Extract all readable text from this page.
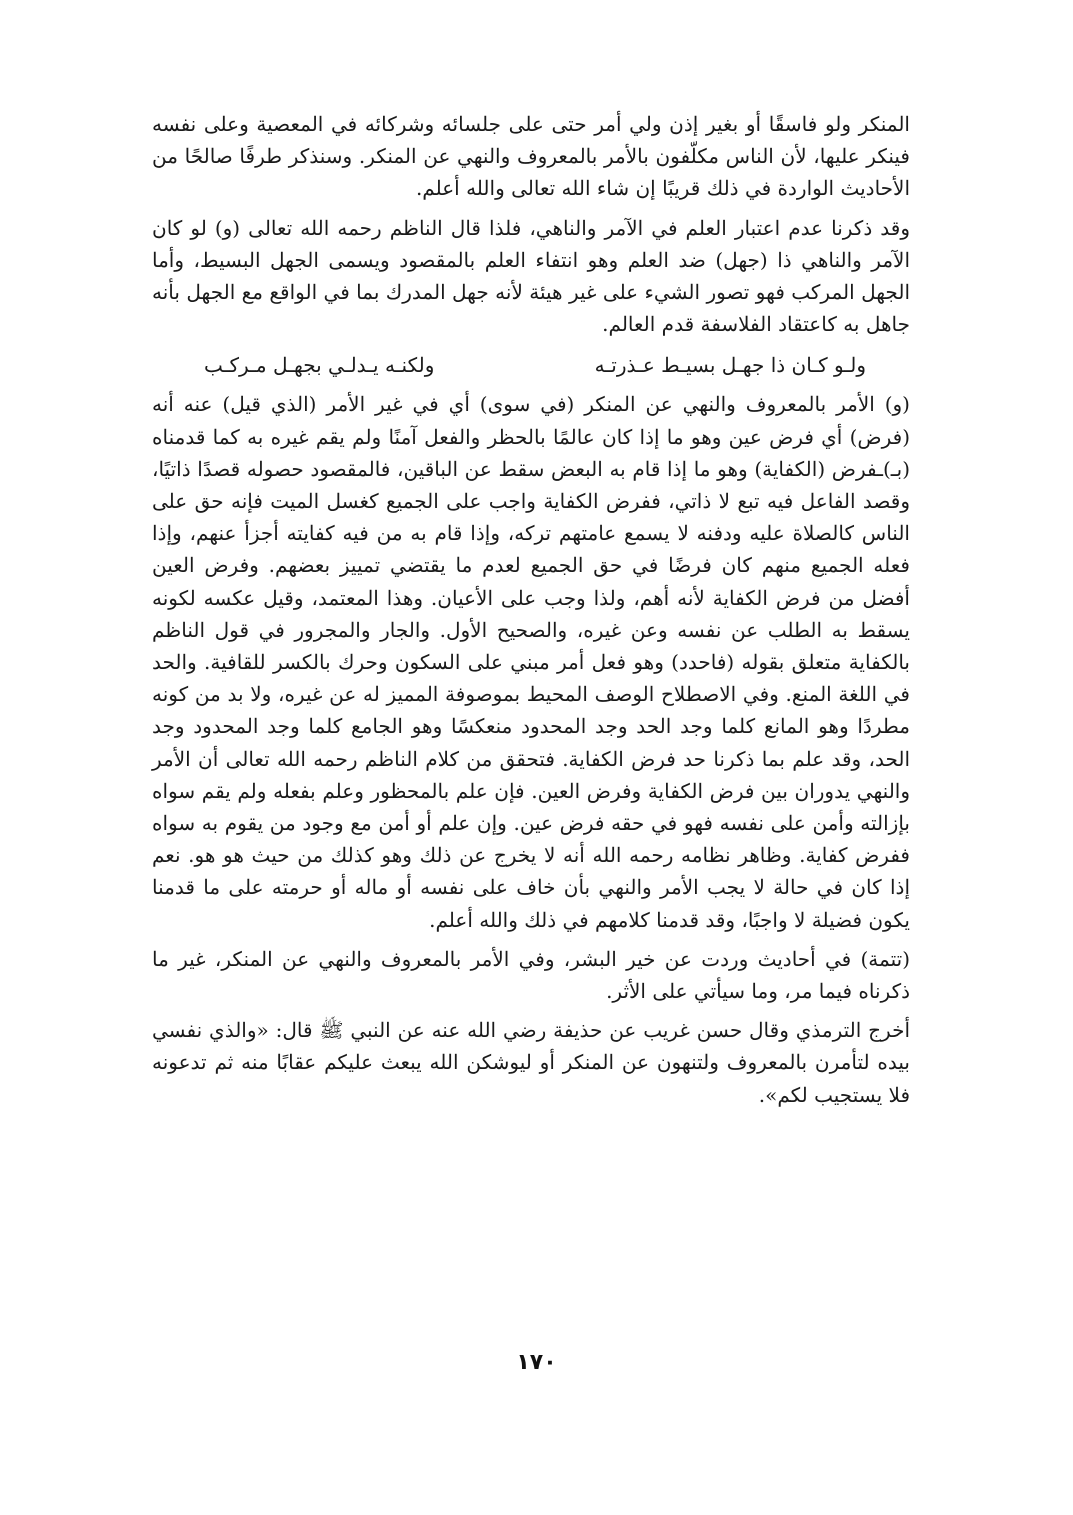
المنكر ولو فاسقًا أو بغير إذن ولي أمر حتى على جلسائه وشركائه في المعصية وعلى نفسه فينكر عليها، لأن الناس مكلّفون بالأمر بالمعروف والنهي عن المنكر. وسنذكر طرفًا صالحًا من الأحاديث الواردة في ذلك قريبًا إن شاء الله تعالى والله أعلم.

وقد ذكرنا عدم اعتبار العلم في الآمر والناهي، فلذا قال الناظم رحمه الله تعالى (و) لو كان الآمر والناهي ذا (جهل) ضد العلم وهو انتفاء العلم بالمقصود ويسمى الجهل البسيط، وأما الجهل المركب فهو تصور الشيء على غير هيئة لأنه جهل المدرك بما في الواقع مع الجهل بأنه جاهل به كاعتقاد الفلاسفة قدم العالم.

ولـو كـان ذا جهـل بسيـط عـذرتـه
ولكنـه يـدلـي بجهـل مـركـب

(و) الأمر بالمعروف والنهي عن المنكر (في سوى) أي في غير الأمر (الذي قيل) عنه أنه (فرض) أي فرض عين وهو ما إذا كان عالمًا بالحظر والفعل آمنًا ولم يقم غيره به كما قدمناه (بـ)ـفرض (الكفاية) وهو ما إذا قام به البعض سقط عن الباقين، فالمقصود حصوله قصدًا ذاتيًا، وقصد الفاعل فيه تبع لا ذاتي، ففرض الكفاية واجب على الجميع كغسل الميت فإنه حق على الناس كالصلاة عليه ودفنه لا يسمع عامتهم تركه، وإذا قام به من فيه كفايته أجزأ عنهم، وإذا فعله الجميع منهم كان فرضًا في حق الجميع لعدم ما يقتضي تمييز بعضهم. وفرض العين أفضل من فرض الكفاية لأنه أهم، ولذا وجب على الأعيان. وهذا المعتمد، وقيل عكسه لكونه يسقط به الطلب عن نفسه وعن غيره، والصحيح الأول. والجار والمجرور في قول الناظم بالكفاية متعلق بقوله (فاحدد) وهو فعل أمر مبني على السكون وحرك بالكسر للقافية. والحد في اللغة المنع. وفي الاصطلاح الوصف المحيط بموصوفة المميز له عن غيره، ولا بد من كونه مطردًا وهو المانع كلما وجد الحد وجد المحدود منعكسًا وهو الجامع كلما وجد المحدود وجد الحد، وقد علم بما ذكرنا حد فرض الكفاية. فتحقق من كلام الناظم رحمه الله تعالى أن الأمر والنهي يدوران بين فرض الكفاية وفرض العين. فإن علم بالمحظور وعلم بفعله ولم يقم سواه بإزالته وأمن على نفسه فهو في حقه فرض عين. وإن علم أو أمن مع وجود من يقوم به سواه ففرض كفاية. وظاهر نظامه رحمه الله أنه لا يخرج عن ذلك وهو كذلك من حيث هو هو. نعم إذا كان في حالة لا يجب الأمر والنهي بأن خاف على نفسه أو ماله أو حرمته على ما قدمنا يكون فضيلة لا واجبًا، وقد قدمنا كلامهم في ذلك والله أعلم.

(تتمة) في أحاديث وردت عن خير البشر، وفي الأمر بالمعروف والنهي عن المنكر، غير ما ذكرناه فيما مر، وما سيأتي على الأثر.

أخرج الترمذي وقال حسن غريب عن حذيفة رضي الله عنه عن النبي ﷺ قال: «والذي نفسي بيده لتأمرن بالمعروف ولتنهون عن المنكر أو ليوشكن الله يبعث عليكم عقابًا منه ثم تدعونه فلا يستجيب لكم».

١٧٠
